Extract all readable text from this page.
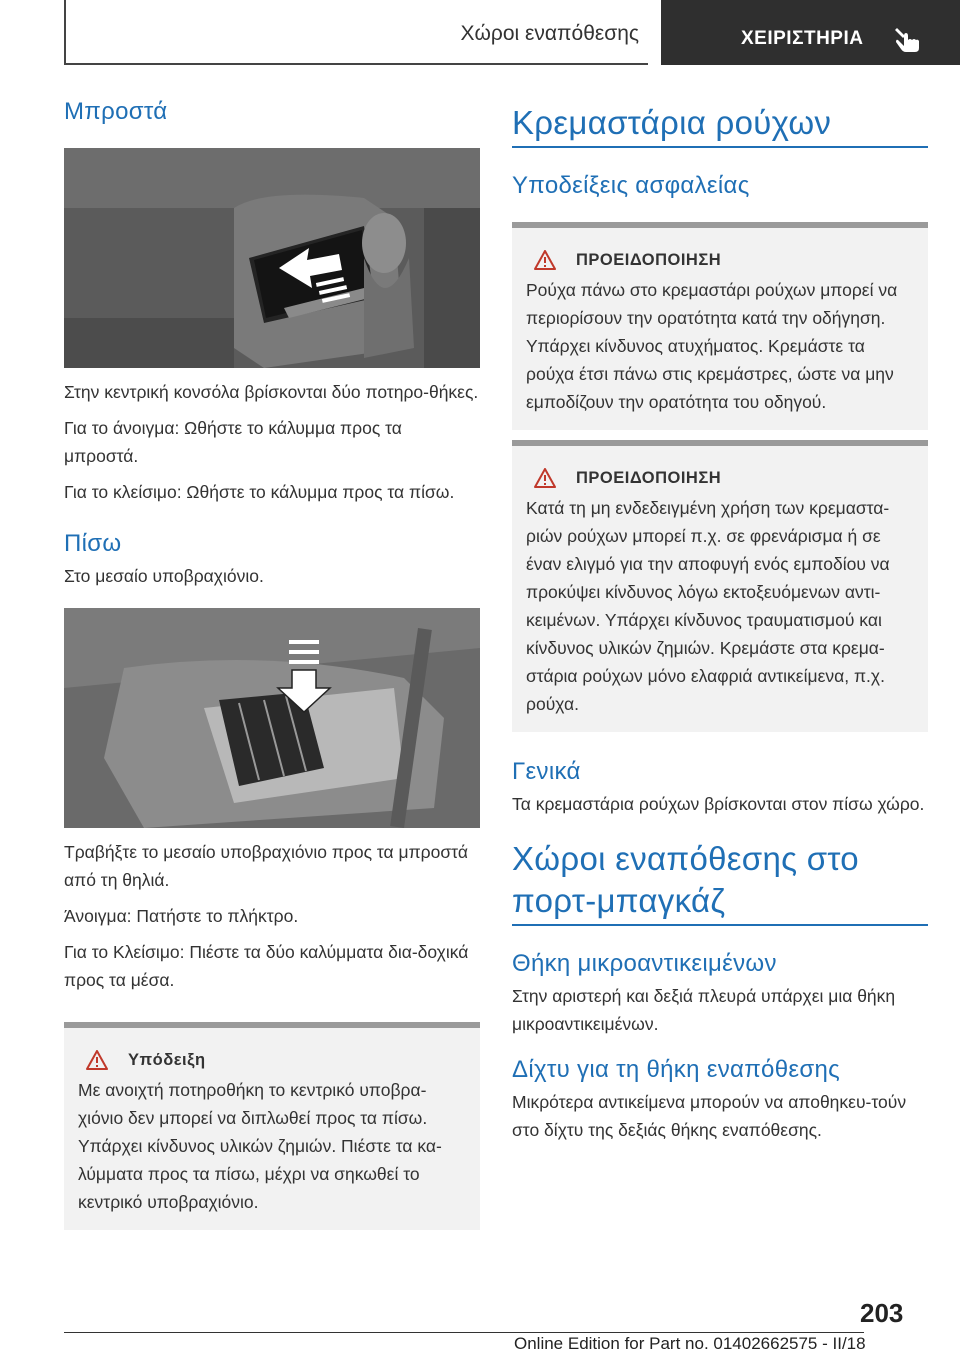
Χώροι εναπόθεσης	ΧΕΙΡΙΣΤΗΡΙΑ
Μπροστά

Στην κεντρική κονσόλα βρίσκονται δύο ποτηρο‐θήκες.

Για το άνοιγμα: Ωθήστε το κάλυμμα προς τα μπροστά.

Για το κλείσιμο: Ωθήστε το κάλυμμα προς τα πίσω.

Πίσω

Στο μεσαίο υποβραχιόνιο.

Τραβήξτε το μεσαίο υποβραχιόνιο προς τα μπροστά από τη θηλιά.

Άνοιγμα: Πατήστε το πλήκτρο.

Για το Κλείσιμο: Πιέστε τα δύο καλύμματα δια‐δοχικά προς τα μέσα.

Υπόδειξη

Με ανοιχτή ποτηροθήκη το κεντρικό υποβρα‐χιόνιο δεν μπορεί να διπλωθεί προς τα πίσω. Υπάρχει κίνδυνος υλικών ζημιών. Πιέστε τα κα‐λύμματα προς τα πίσω, μέχρι να σηκωθεί το κεντρικό υποβραχιόνιο.

Κρεμαστάρια ρούχων
Υποδείξεις ασφαλείας
ΠΡΟΕΙΔΟΠΟΙΗΣΗ

Ρούχα πάνω στο κρεμαστάρι ρούχων μπορεί να περιορίσουν την ορατότητα κατά την οδήγηση. Υπάρχει κίνδυνος ατυχήματος. Κρεμάστε τα ρούχα έτσι πάνω στις κρεμάστρες, ώστε να μην εμποδίζουν την ορατότητα του οδηγού.

ΠΡΟΕΙΔΟΠΟΙΗΣΗ

Κατά τη μη ενδεδειγμένη χρήση των κρεμαστα‐ριών ρούχων μπορεί π.χ. σε φρενάρισμα ή σε έναν ελιγμό για την αποφυγή ενός εμποδίου να προκύψει κίνδυνος λόγω εκτοξευόμενων αντι‐κειμένων. Υπάρχει κίνδυνος τραυματισμού και κίνδυνος υλικών ζημιών. Κρεμάστε στα κρεμα‐στάρια ρούχων μόνο ελαφριά αντικείμενα, π.χ. ρούχα.

Γενικά

Τα κρεμαστάρια ρούχων βρίσκονται στον πίσω χώρο.

Χώροι εναπόθεσης στο πορτ-μπαγκάζ
Θήκη μικροαντικειμένων

Στην αριστερή και δεξιά πλευρά υπάρχει μια θήκη μικροαντικειμένων.

Δίχτυ για τη θήκη εναπόθεσης

Μικρότερα αντικείμενα μπορούν να αποθηκευ‐τούν στο δίχτυ της δεξιάς θήκης εναπόθεσης.

203
Online Edition for Part no. 01402662575 - II/18
